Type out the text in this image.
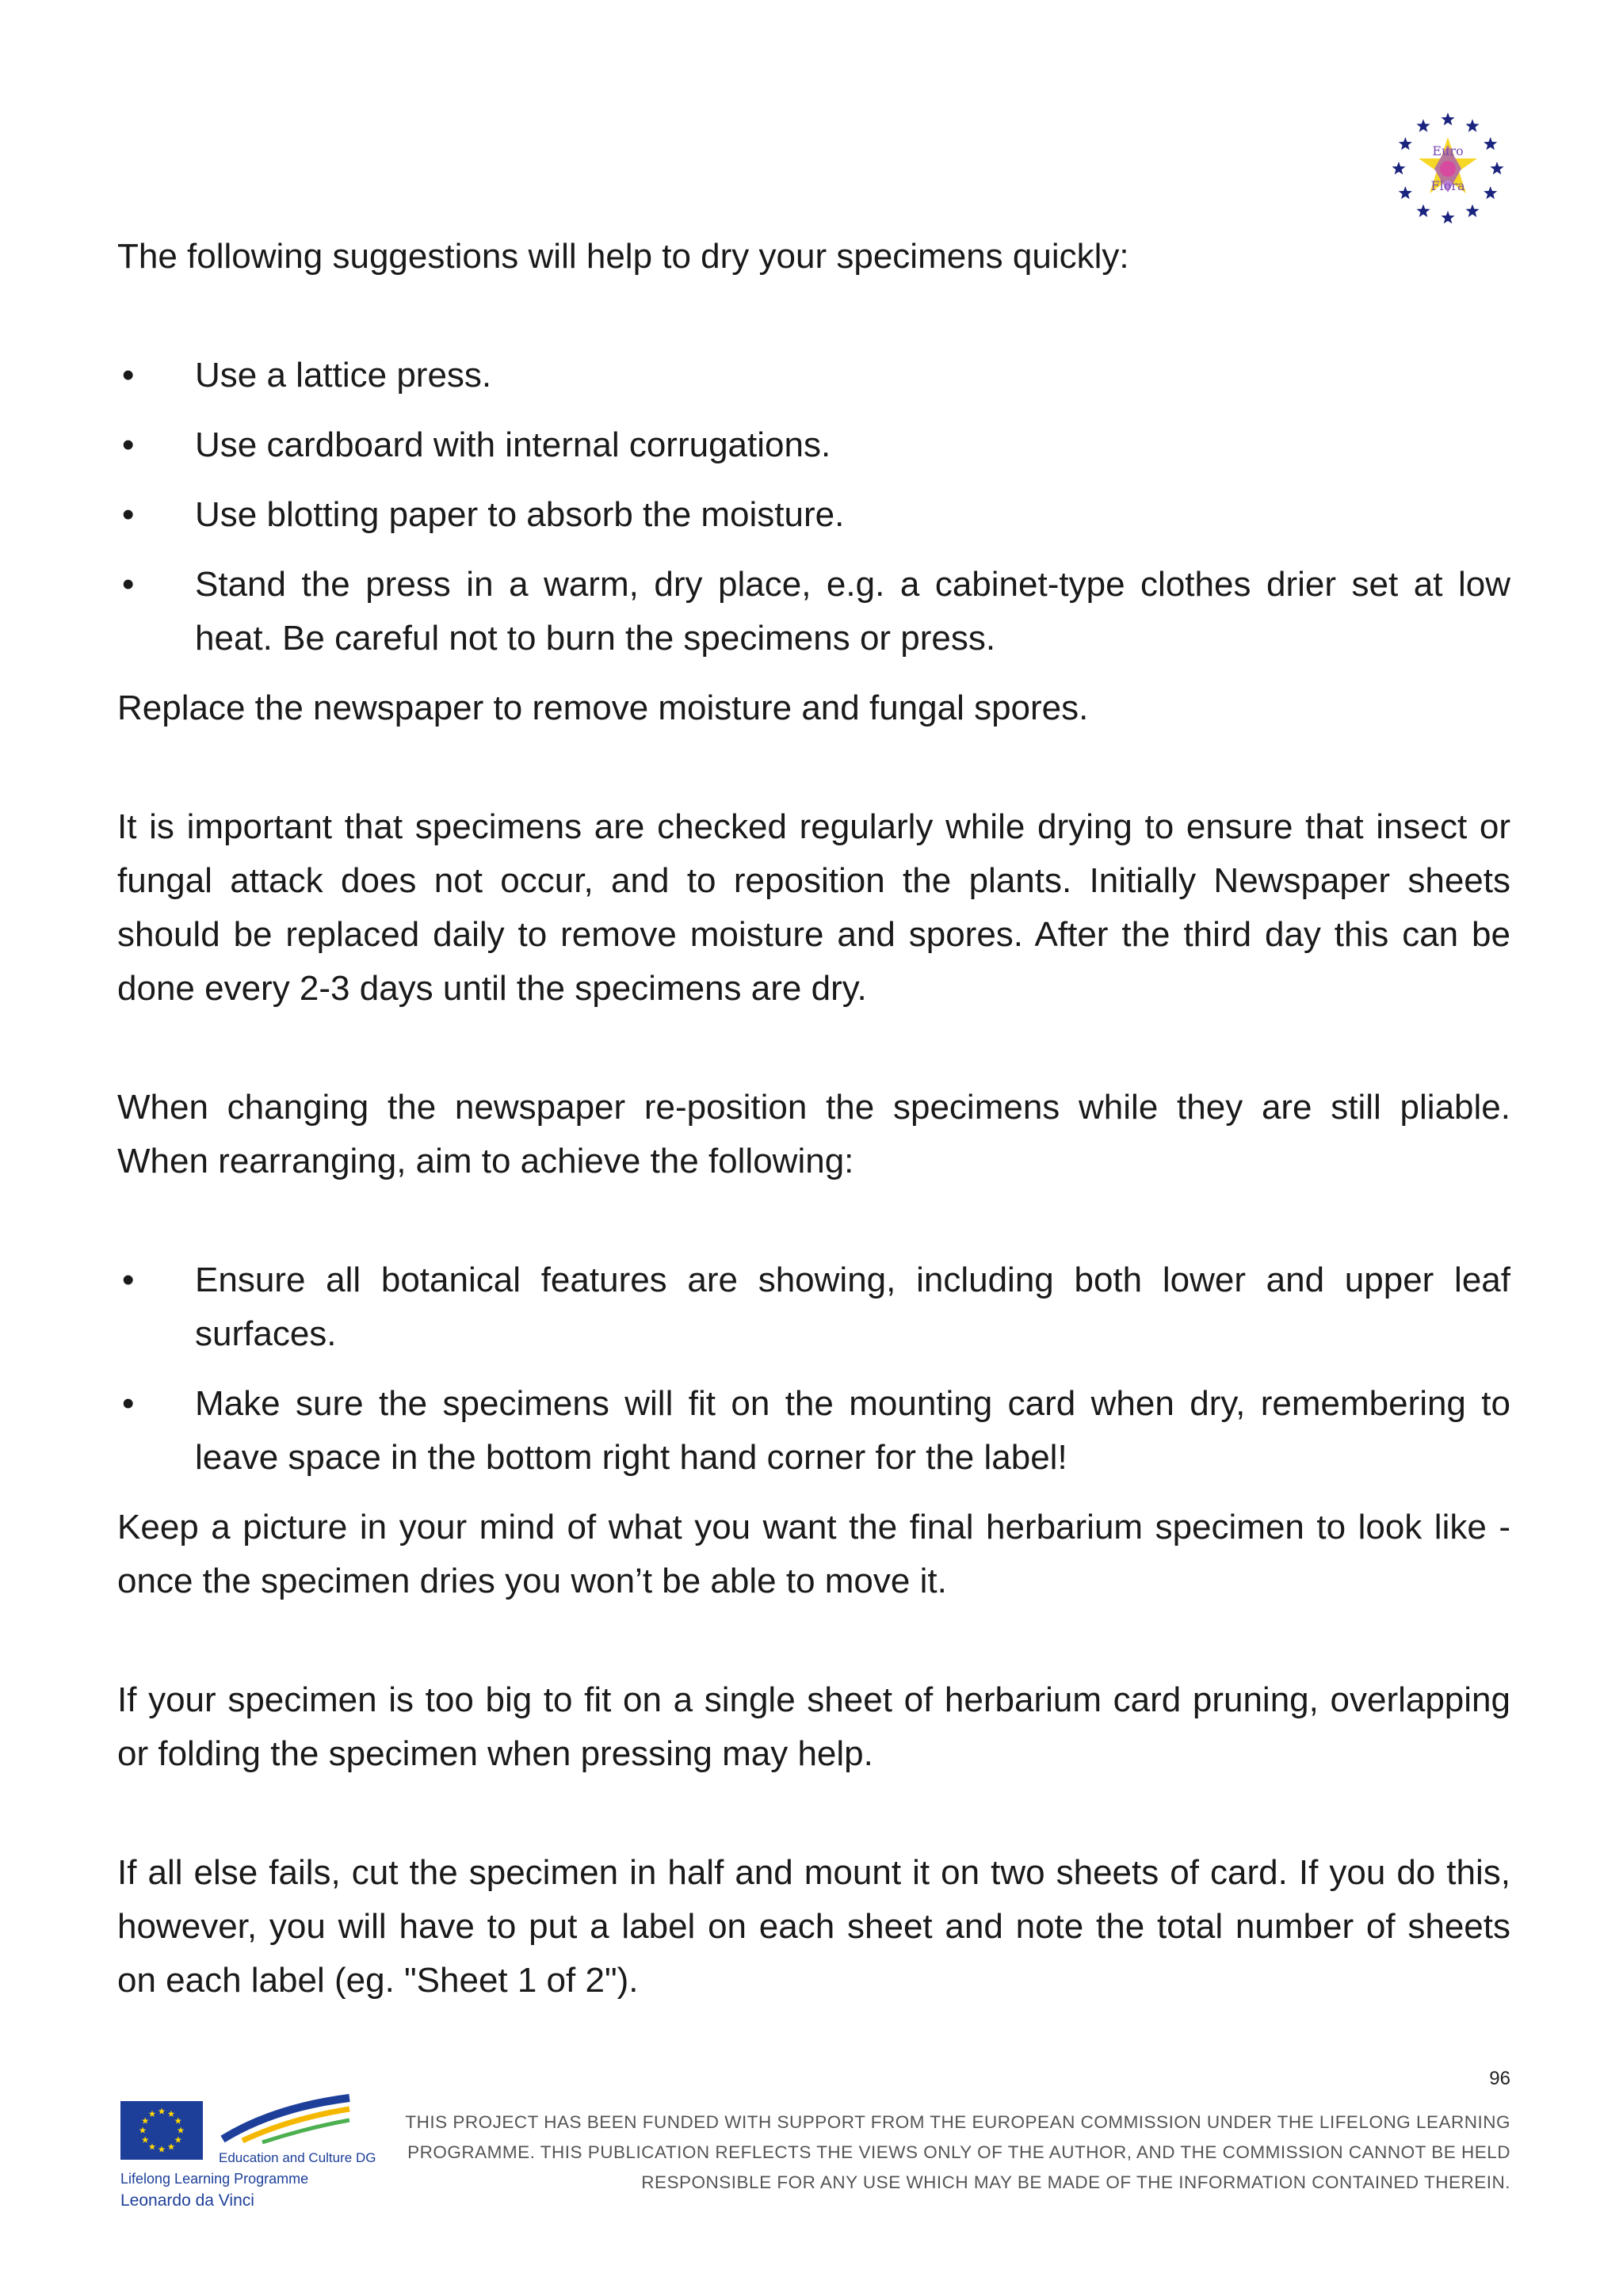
Euro
Flora

The following suggestions will help to dry your specimens quickly:

• Use a lattice press.
• Use cardboard with internal corrugations.
• Use blotting paper to absorb the moisture.
• Stand the press in a warm, dry place, e.g. a cabinet-type clothes drier set at low heat. Be careful not to burn the specimens or press.

Replace the newspaper to remove moisture and fungal spores.

It is important that specimens are checked regularly while drying to ensure that insect or fungal attack does not occur, and to reposition the plants. Initially Newspaper sheets should be replaced daily to remove moisture and spores. After the third day this can be done every 2-3 days until the specimens are dry.

When changing the newspaper re-position the specimens while they are still pliable. When rearranging, aim to achieve the following:

• Ensure all botanical features are showing, including both lower and upper leaf surfaces.
• Make sure the specimens will fit on the mounting card when dry, remembering to leave space in the bottom right hand corner for the label!

Keep a picture in your mind of what you want the final herbarium specimen to look like - once the specimen dries you won’t be able to move it.

If your specimen is too big to fit on a single sheet of herbarium card pruning, overlapping or folding the specimen when pressing may help.

If all else fails, cut the specimen in half and mount it on two sheets of card. If you do this, however, you will have to put a label on each sheet and note the total number of sheets on each label (eg. "Sheet 1 of 2").

96
Education and Culture DG
Lifelong Learning Programme
Leonardo da Vinci
THIS PROJECT HAS BEEN FUNDED WITH SUPPORT FROM THE EUROPEAN COMMISSION UNDER THE LIFELONG LEARNING
PROGRAMME. THIS PUBLICATION REFLECTS THE VIEWS ONLY OF THE AUTHOR, AND THE COMMISSION CANNOT BE HELD
RESPONSIBLE FOR ANY USE WHICH MAY BE MADE OF THE INFORMATION CONTAINED THEREIN.
